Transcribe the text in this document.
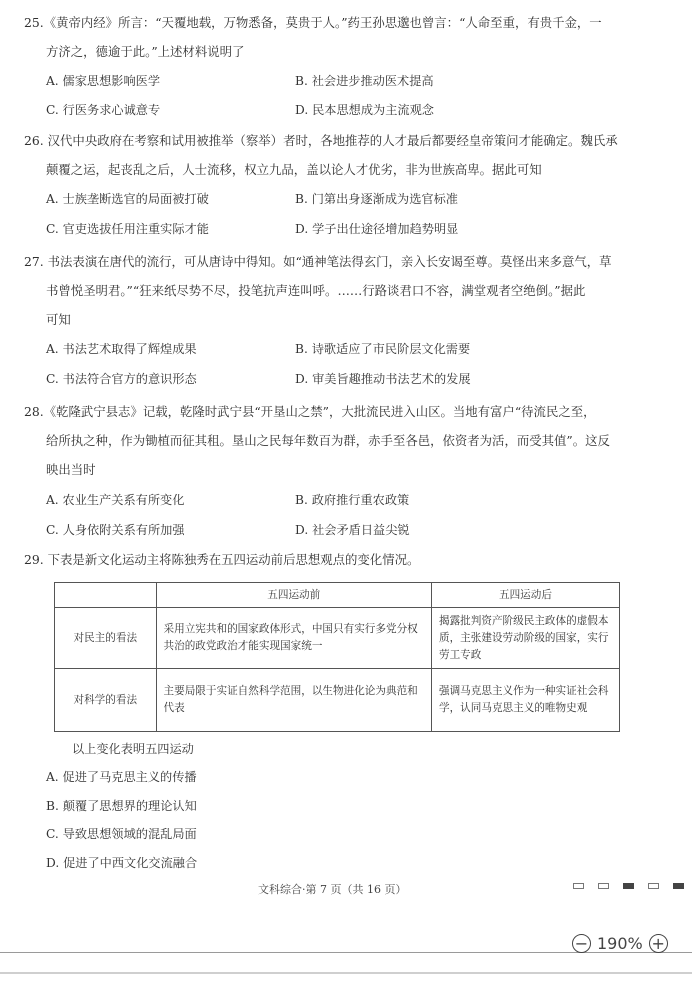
25.《黄帝内经》所言：“天覆地载，万物悉备，莫贵于人。”药王孙思邈也曾言：“人命至重，有贵千金，一
方济之，德逾于此。”上述材料说明了
A. 儒家思想影响医学	B. 社会进步推动医术提高
C. 行医务求心诚意专	D. 民本思想成为主流观念
26. 汉代中央政府在考察和试用被推举（察举）者时，各地推荐的人才最后都要经皇帝策问才能确定。魏氏承
颠覆之运，起丧乱之后，人士流移，权立九品，盖以论人才优劣，非为世族高卑。据此可知
A. 士族垄断选官的局面被打破	B. 门第出身逐渐成为选官标准
C. 官吏选拔任用注重实际才能	D. 学子出仕途径增加趋势明显
27. 书法表演在唐代的流行，可从唐诗中得知。如“通神笔法得玄门，亲入长安谒至尊。莫怪出来多意气，草
书曾悦圣明君。”“狂来纸尽势不尽，投笔抗声连叫呼。……行路谈君口不容，满堂观者空绝倒。”据此
可知
A. 书法艺术取得了辉煌成果	B. 诗歌适应了市民阶层文化需要
C. 书法符合官方的意识形态	D. 审美旨趣推动书法艺术的发展
28.《乾隆武宁县志》记载，乾隆时武宁县“开垦山之禁”，大批流民进入山区。当地有富户“待流民之至，
给所执之种，作为锄植而征其租。垦山之民每年数百为群，赤手至各邑，依资者为活，而受其值”。这反
映出当时
A. 农业生产关系有所变化	B. 政府推行重农政策
C. 人身依附关系有所加强	D. 社会矛盾日益尖锐
29. 下表是新文化运动主将陈独秀在五四运动前后思想观点的变化情况。
	五四运动前	五四运动后
对民主的看法	采用立宪共和的国家政体形式，中国只有实行多党分权共治的政党政治才能实现国家统一	揭露批判资产阶级民主政体的虚假本质，主张建设劳动阶级的国家，实行劳工专政
对科学的看法	主要局限于实证自然科学范围，以生物进化论为典范和代表	强调马克思主义作为一种实证社会科学，认同马克思主义的唯物史观
以上变化表明五四运动
A. 促进了马克思主义的传播
B. 颠覆了思想界的理论认知
C. 导致思想领域的混乱局面
D. 促进了中西文化交流融合
文科综合·第 7 页（共 16 页）
− 190% +
